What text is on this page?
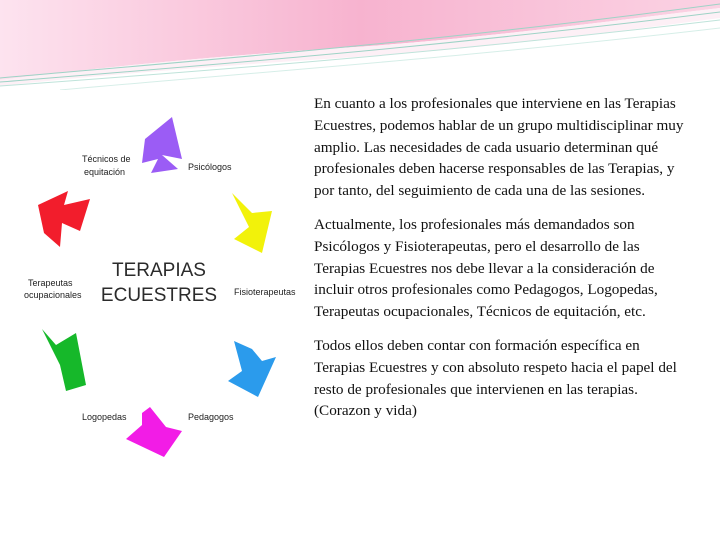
TERAPIAS
ECUESTRES
Psicólogos
Fisioterapeutas
Pedagogos
Logopedas
Terapeutas
ocupacionales
Técnicos de
equitación

En cuanto a los profesionales que interviene en las Terapias Ecuestres, podemos hablar de un grupo multidisciplinar muy amplio. Las necesidades de cada usuario determinan qué profesionales deben hacerse responsables de las Terapias, y por tanto, del seguimiento de cada una de las sesiones.

Actualmente, los profesionales más demandados son Psicólogos y Fisioterapeutas, pero el desarrollo de las Terapias Ecuestres nos debe llevar a la consideración de incluir otros profesionales como Pedagogos, Logopedas, Terapeutas ocupacionales, Técnicos de equitación, etc.

Todos ellos deben contar con formación específica en Terapias Ecuestres y con absoluto respeto hacia el papel del resto de profesionales que intervienen en las terapias. (Corazon y vida)
